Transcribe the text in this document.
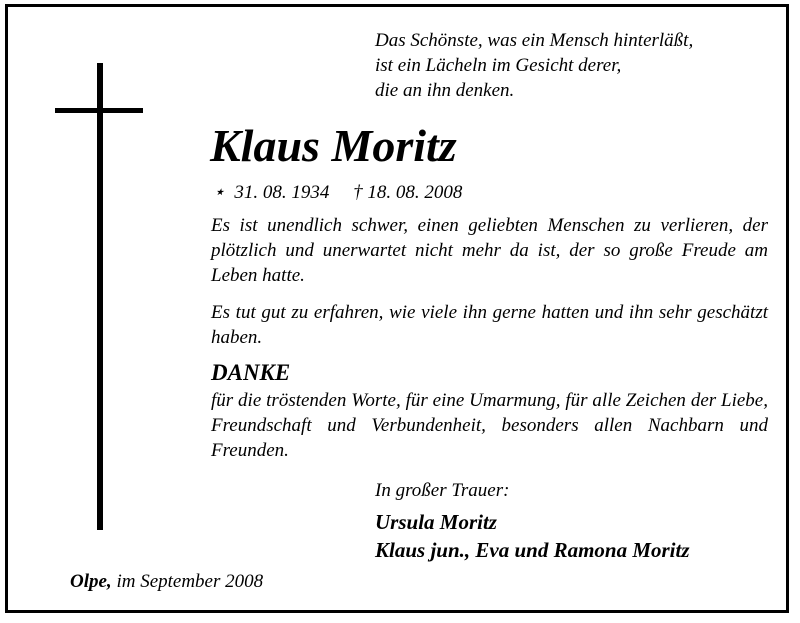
Das Schönste, was ein Mensch hinterläßt,
ist ein Lächeln im Gesicht derer,
die an ihn denken.
Klaus Moritz
⋆ 31. 08. 1934 † 18. 08. 2008
Es ist unendlich schwer, einen geliebten Menschen zu verlieren, der plötzlich und unerwartet nicht mehr da ist, der so große Freude am Leben hatte.
Es tut gut zu erfahren, wie viele ihn gerne hatten und ihn sehr geschätzt haben.
DANKE
für die tröstenden Worte, für eine Umarmung, für alle Zeichen der Liebe, Freundschaft und Verbundenheit, besonders allen Nachbarn und Freunden.
In großer Trauer:
Ursula Moritz
Klaus jun., Eva und Ramona Moritz
Olpe, im September 2008
